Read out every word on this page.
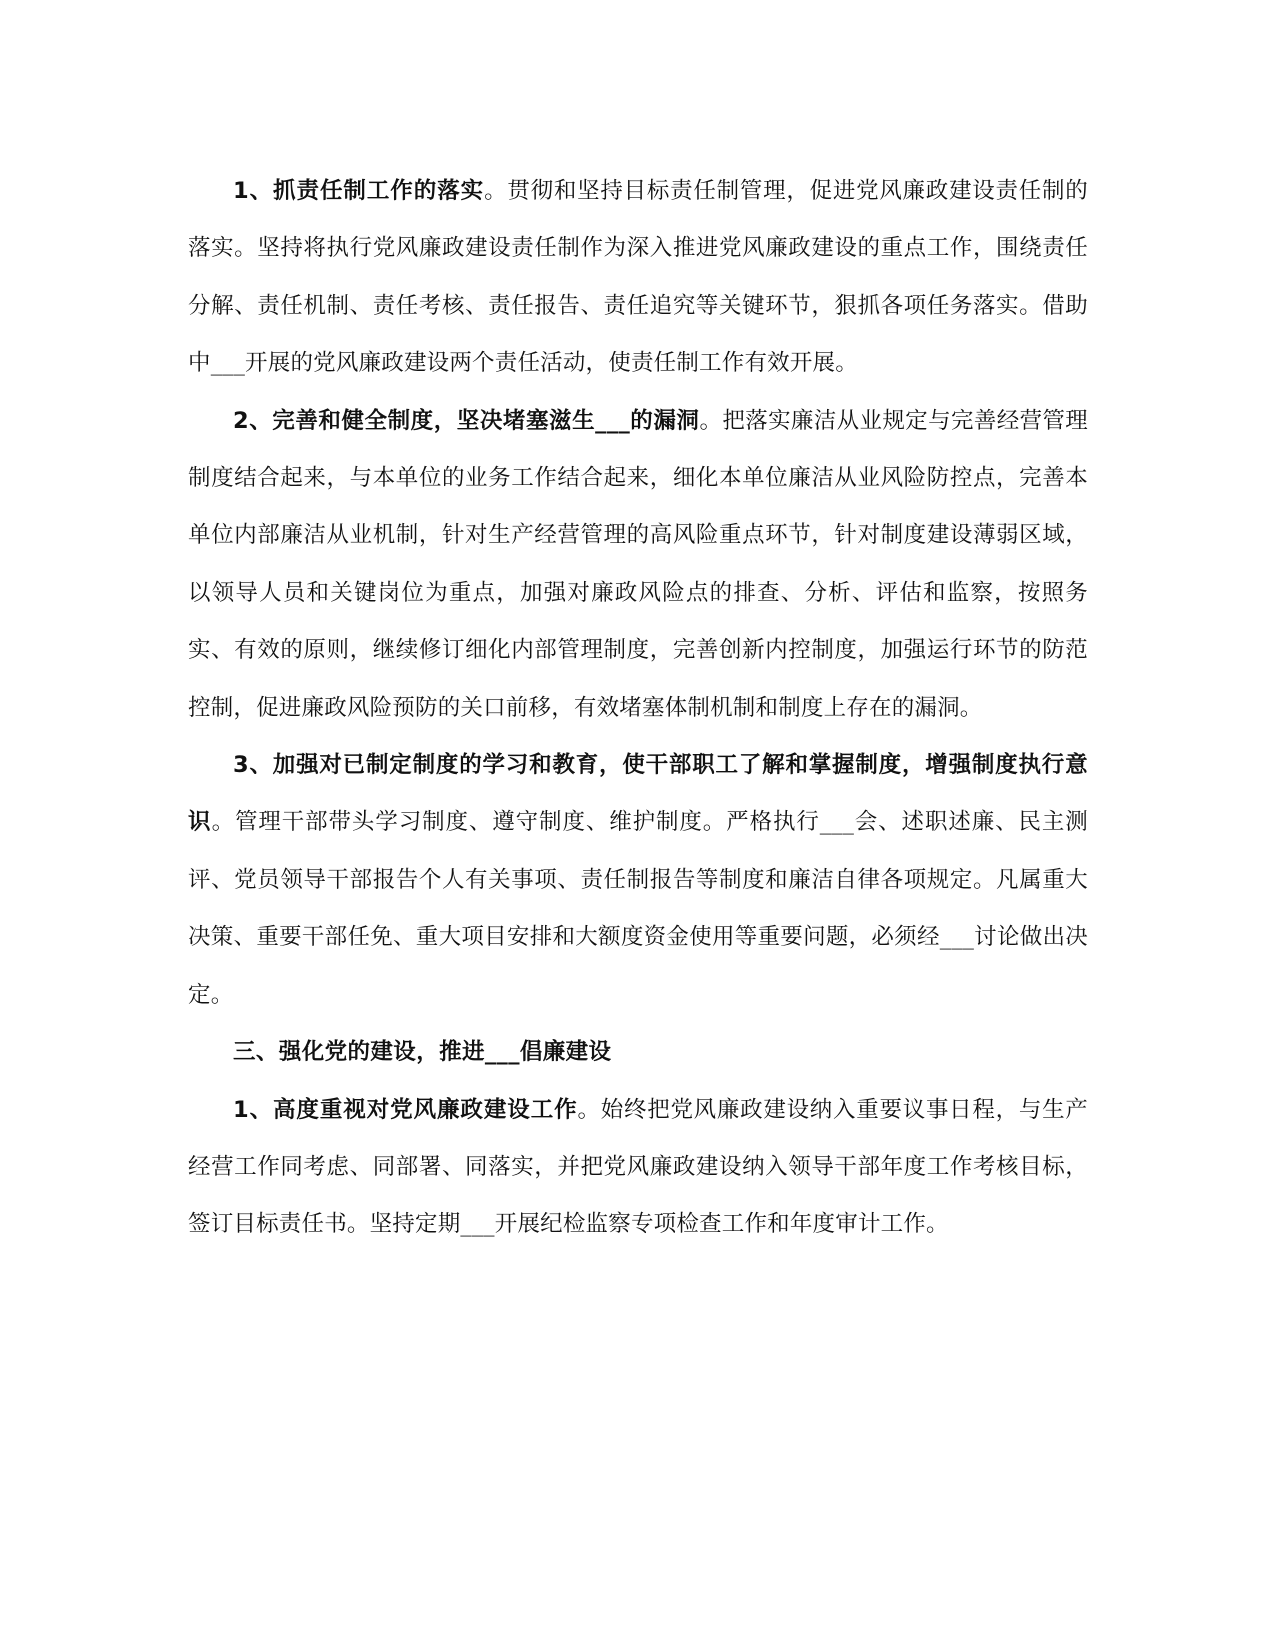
1、抓责任制工作的落实。贯彻和坚持目标责任制管理，促进党风廉政建设责任制的落实。坚持将执行党风廉政建设责任制作为深入推进党风廉政建设的重点工作，围绕责任分解、责任机制、责任考核、责任报告、责任追究等关键环节，狠抓各项任务落实。借助中___开展的党风廉政建设两个责任活动，使责任制工作有效开展。

2、完善和健全制度，坚决堵塞滋生___的漏洞。把落实廉洁从业规定与完善经营管理制度结合起来，与本单位的业务工作结合起来，细化本单位廉洁从业风险防控点，完善本单位内部廉洁从业机制，针对生产经营管理的高风险重点环节，针对制度建设薄弱区域，以领导人员和关键岗位为重点，加强对廉政风险点的排查、分析、评估和监察，按照务实、有效的原则，继续修订细化内部管理制度，完善创新内控制度，加强运行环节的防范控制，促进廉政风险预防的关口前移，有效堵塞体制机制和制度上存在的漏洞。

3、加强对已制定制度的学习和教育，使干部职工了解和掌握制度，增强制度执行意识。管理干部带头学习制度、遵守制度、维护制度。严格执行___会、述职述廉、民主测评、党员领导干部报告个人有关事项、责任制报告等制度和廉洁自律各项规定。凡属重大决策、重要干部任免、重大项目安排和大额度资金使用等重要问题，必须经___讨论做出决定。

三、强化党的建设，推进___倡廉建设

1、高度重视对党风廉政建设工作。始终把党风廉政建设纳入重要议事日程，与生产经营工作同考虑、同部署、同落实，并把党风廉政建设纳入领导干部年度工作考核目标，签订目标责任书。坚持定期___开展纪检监察专项检查工作和年度审计工作。
